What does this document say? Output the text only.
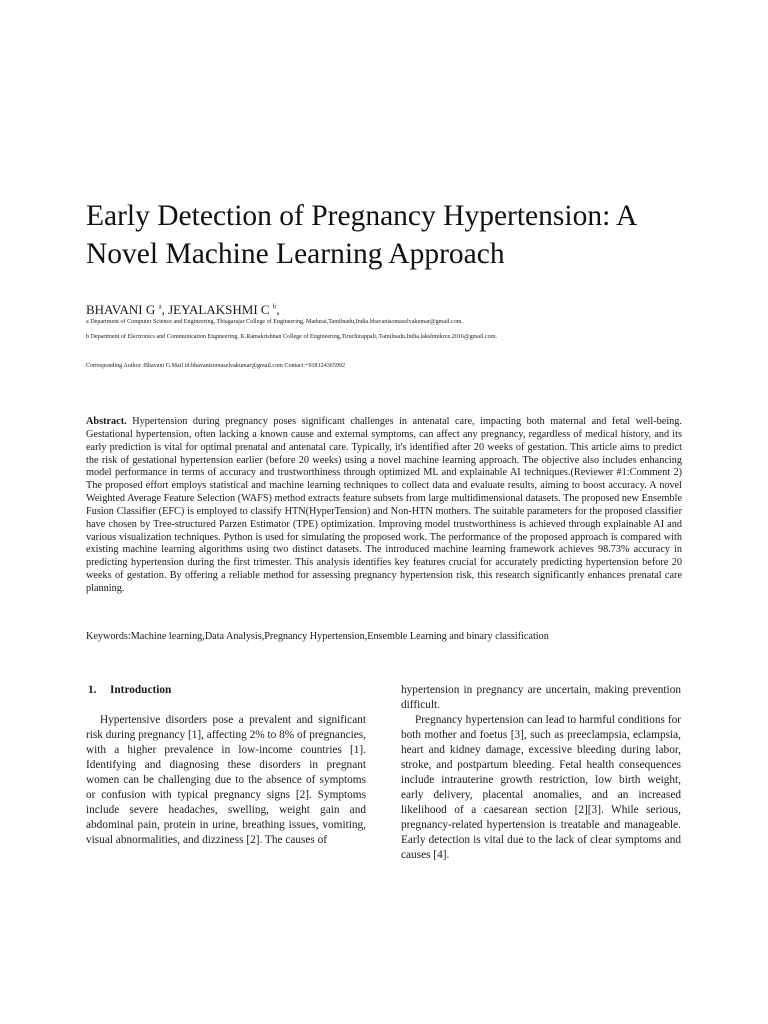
Early Detection of Pregnancy Hypertension: A Novel Machine Learning Approach
BHAVANI G $^a$, JEYALAKSHMI C $^b$,
a Department of Computer Science and Engineering, Thiagarajar College of Engineering, Madurai,Tamilnadu,India.bhavanisomaselvakumar@gmail.com.
b Department of Electronics and Communication Engineering, K.Ramakrishnan College of Engineering,Tiruchirappali, Tamilnadu.India.lakshmikrce.2016@gmail.com.
Corresponding Author :Bhavani G Mail id:bhavanisomaselvakumar@gmail.com Contact:+918124365992

Abstract. Hypertension during pregnancy poses significant challenges in antenatal care, impacting both maternal and fetal well-being. Gestational hypertension, often lacking a known cause and external symptoms, can affect any pregnancy, regardless of medical history, and its early prediction is vital for optimal prenatal and antenatal care. Typically, it's identified after 20 weeks of gestation. This article aims to predict the risk of gestational hypertension earlier (before 20 weeks) using a novel machine learning approach. The objective also includes enhancing model performance in terms of accuracy and trustworthiness through optimized ML and explainable AI techniques.(Reviewer #1:Comment 2) The proposed effort employs statistical and machine learning techniques to collect data and evaluate results, aiming to boost accuracy. A novel Weighted Average Feature Selection (WAFS) method extracts feature subsets from large multidimensional datasets. The proposed new Ensemble Fusion Classifier (EFC) is employed to classify HTN(HyperTension) and Non-HTN mothers. The suitable parameters for the proposed classifier have chosen by Tree-structured Parzen Estimator (TPE) optimization. Improving model trustworthiness is achieved through explainable AI and various visualization techniques. Python is used for simulating the proposed work. The performance of the proposed approach is compared with existing machine learning algorithms using two distinct datasets. The introduced machine learning framework achieves 98.73% accuracy in predicting hypertension during the first trimester. This analysis identifies key features crucial for accurately predicting hypertension before 20 weeks of gestation. By offering a reliable method for assessing pregnancy hypertension risk, this research significantly enhances prenatal care planning.

Keywords:Machine learning,Data Analysis,Pregnancy Hypertension,Ensemble Learning and binary classification
1. Introduction

Hypertensive disorders pose a prevalent and significant risk during pregnancy [1], affecting 2% to 8% of pregnancies, with a higher prevalence in low-income countries [1]. Identifying and diagnosing these disorders in pregnant women can be challenging due to the absence of symptoms or confusion with typical pregnancy signs [2]. Symptoms include severe headaches, swelling, weight gain and abdominal pain, protein in urine, breathing issues, vomiting, visual abnormalities, and dizziness [2]. The causes of

hypertension in pregnancy are uncertain, making prevention difficult.

Pregnancy hypertension can lead to harmful conditions for both mother and foetus [3], such as preeclampsia, eclampsia, heart and kidney damage, excessive bleeding during labor, stroke, and postpartum bleeding. Fetal health consequences include intrauterine growth restriction, low birth weight, early delivery, placental anomalies, and an increased likelihood of a caesarean section [2][3]. While serious, pregnancy-related hypertension is treatable and manageable. Early detection is vital due to the lack of clear symptoms and causes [4].
